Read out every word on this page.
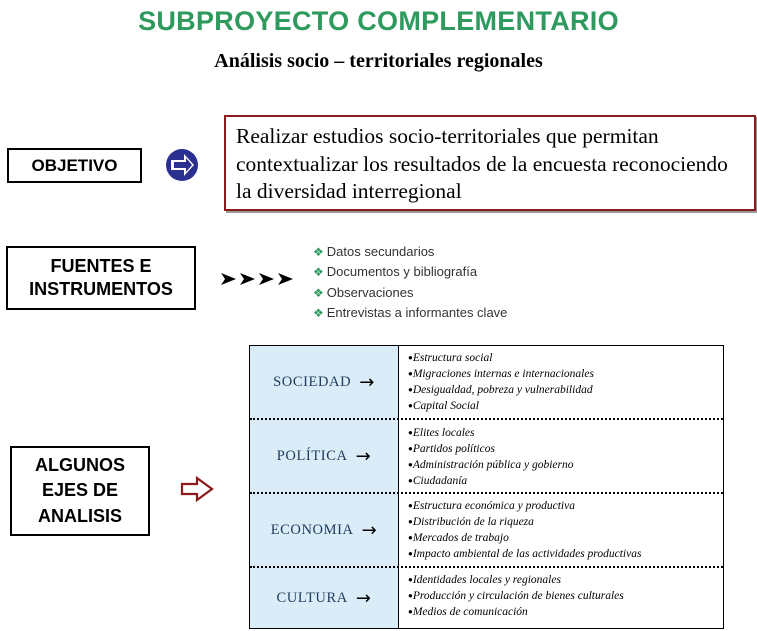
SUBPROYECTO COMPLEMENTARIO
Análisis socio – territoriales regionales
OBJETIVO
Realizar estudios socio-territoriales que permitan contextualizar los resultados de la encuesta reconociendo la diversidad interregional
FUENTES E
INSTRUMENTOS
❖ Datos secundarios
❖ Documentos y bibliografía
❖ Observaciones
❖ Entrevistas a informantes clave
ALGUNOS
EJES DE
ANALISIS
SOCIEDAD →
●Estructura social
●Migraciones internas e internacionales
●Desigualdad, pobreza y vulnerabilidad
●Capital Social
POLÍTICA →
●Elites locales
●Partidos políticos
●Administración pública y gobierno
●Ciudadanía
ECONOMIA →
●Estructura económica y productiva
●Distribución de la riqueza
●Mercados de trabajo
●Impacto ambiental de las actividades productivas
CULTURA →
●Identidades locales y regionales
●Producción y circulación de bienes culturales
●Medios de comunicación
